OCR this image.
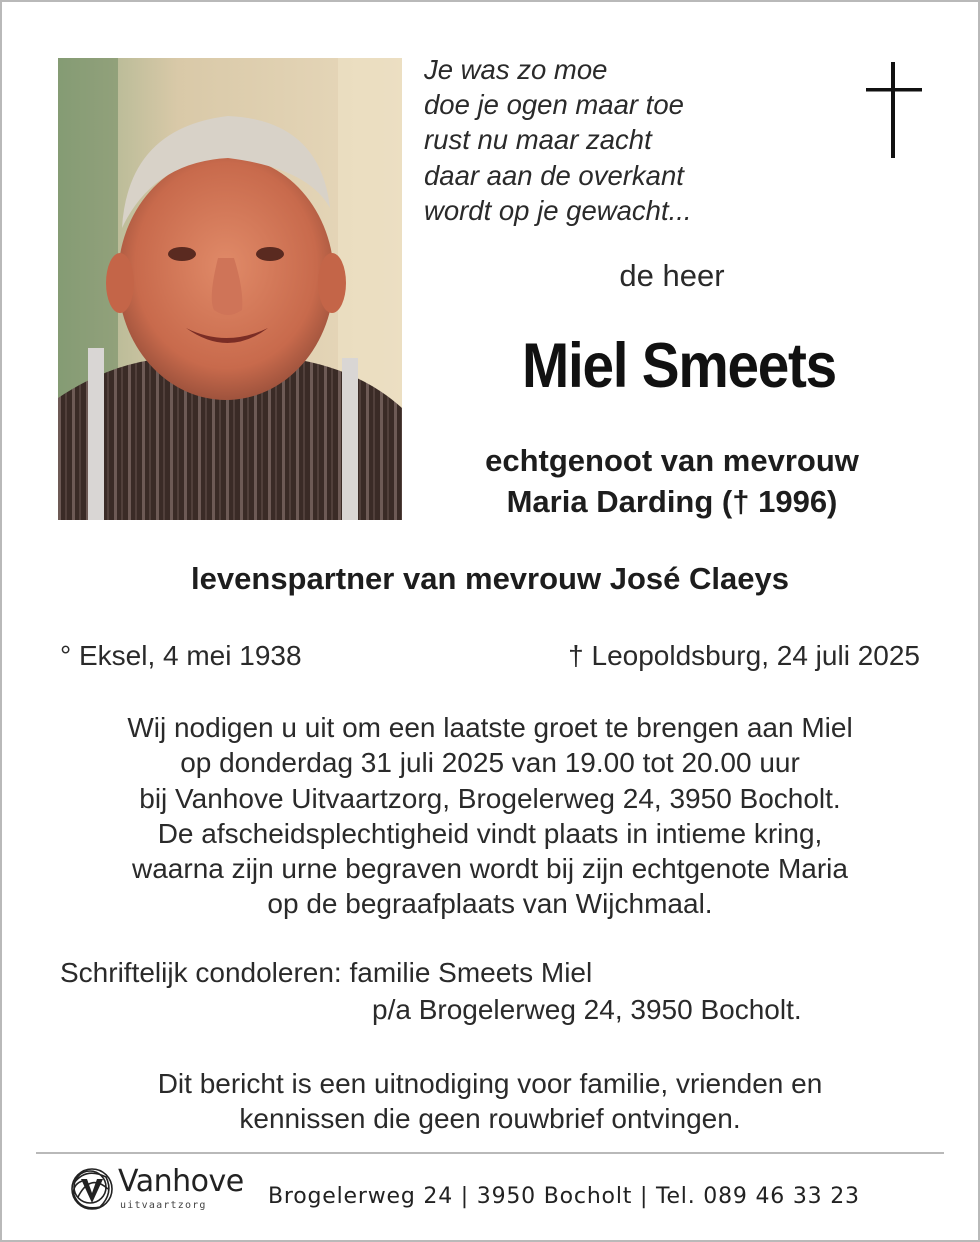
Je was zo moe
doe je ogen maar toe
rust nu maar zacht
daar aan de overkant
wordt op je gewacht...
de heer
Miel Smeets
echtgenoot van mevrouw
Maria Darding († 1996)
levenspartner van mevrouw José Claeys
° Eksel, 4 mei 1938	† Leopoldsburg, 24 juli 2025
Wij nodigen u uit om een laatste groet te brengen aan Miel
op donderdag 31 juli 2025 van 19.00 tot 20.00 uur
bij Vanhove Uitvaartzorg, Brogelerweg 24, 3950 Bocholt.
De afscheidsplechtigheid vindt plaats in intieme kring,
waarna zijn urne begraven wordt bij zijn echtgenote Maria
op de begraafplaats van Wijchmaal.
Schriftelijk condoleren: familie Smeets Miel
p/a Brogelerweg 24, 3950 Bocholt.
Dit bericht is een uitnodiging voor familie, vrienden en
kennissen die geen rouwbrief ontvingen.
Vanhove
uitvaartzorg	Brogelerweg 24 | 3950 Bocholt | Tel. 089 46 33 23
